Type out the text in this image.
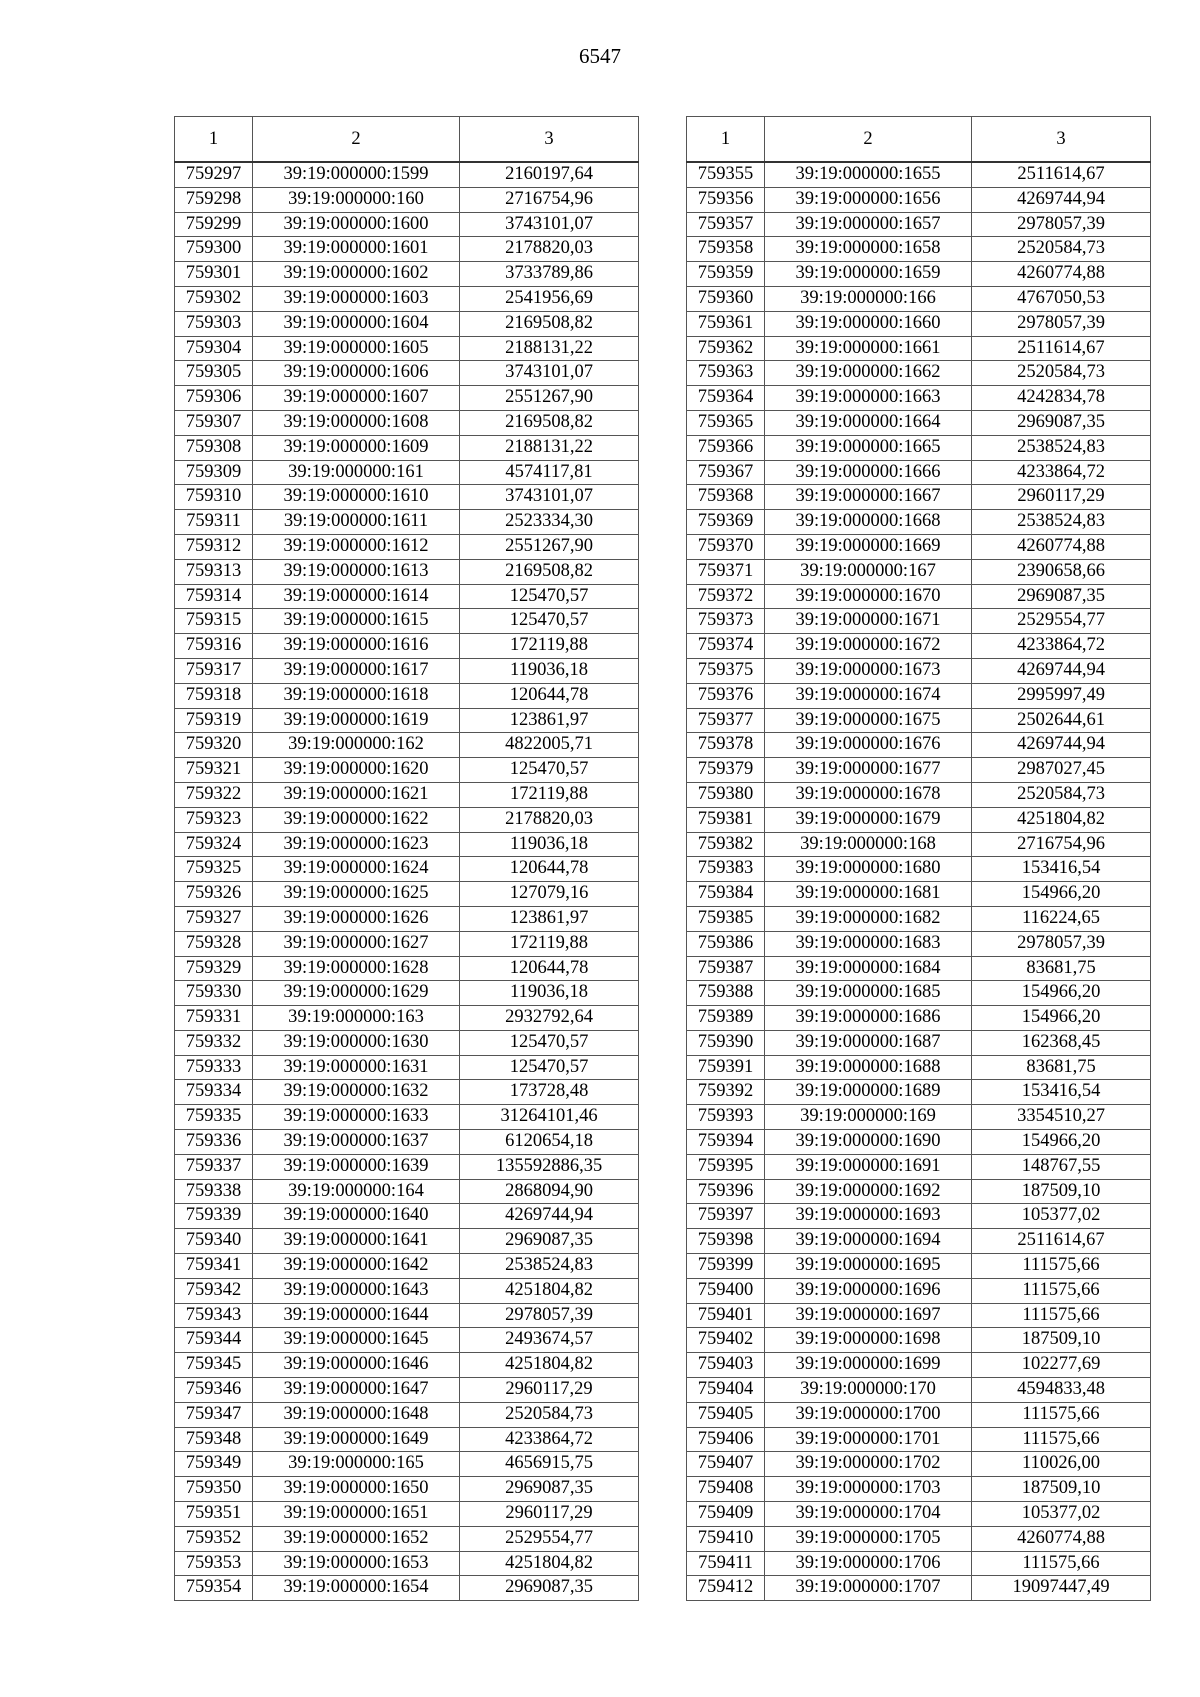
6547
1	2	3
759297	39:19:000000:1599	2160197,64
759298	39:19:000000:160	2716754,96
759299	39:19:000000:1600	3743101,07
759300	39:19:000000:1601	2178820,03
759301	39:19:000000:1602	3733789,86
759302	39:19:000000:1603	2541956,69
759303	39:19:000000:1604	2169508,82
759304	39:19:000000:1605	2188131,22
759305	39:19:000000:1606	3743101,07
759306	39:19:000000:1607	2551267,90
759307	39:19:000000:1608	2169508,82
759308	39:19:000000:1609	2188131,22
759309	39:19:000000:161	4574117,81
759310	39:19:000000:1610	3743101,07
759311	39:19:000000:1611	2523334,30
759312	39:19:000000:1612	2551267,90
759313	39:19:000000:1613	2169508,82
759314	39:19:000000:1614	125470,57
759315	39:19:000000:1615	125470,57
759316	39:19:000000:1616	172119,88
759317	39:19:000000:1617	119036,18
759318	39:19:000000:1618	120644,78
759319	39:19:000000:1619	123861,97
759320	39:19:000000:162	4822005,71
759321	39:19:000000:1620	125470,57
759322	39:19:000000:1621	172119,88
759323	39:19:000000:1622	2178820,03
759324	39:19:000000:1623	119036,18
759325	39:19:000000:1624	120644,78
759326	39:19:000000:1625	127079,16
759327	39:19:000000:1626	123861,97
759328	39:19:000000:1627	172119,88
759329	39:19:000000:1628	120644,78
759330	39:19:000000:1629	119036,18
759331	39:19:000000:163	2932792,64
759332	39:19:000000:1630	125470,57
759333	39:19:000000:1631	125470,57
759334	39:19:000000:1632	173728,48
759335	39:19:000000:1633	31264101,46
759336	39:19:000000:1637	6120654,18
759337	39:19:000000:1639	135592886,35
759338	39:19:000000:164	2868094,90
759339	39:19:000000:1640	4269744,94
759340	39:19:000000:1641	2969087,35
759341	39:19:000000:1642	2538524,83
759342	39:19:000000:1643	4251804,82
759343	39:19:000000:1644	2978057,39
759344	39:19:000000:1645	2493674,57
759345	39:19:000000:1646	4251804,82
759346	39:19:000000:1647	2960117,29
759347	39:19:000000:1648	2520584,73
759348	39:19:000000:1649	4233864,72
759349	39:19:000000:165	4656915,75
759350	39:19:000000:1650	2969087,35
759351	39:19:000000:1651	2960117,29
759352	39:19:000000:1652	2529554,77
759353	39:19:000000:1653	4251804,82
759354	39:19:000000:1654	2969087,35
1	2	3
759355	39:19:000000:1655	2511614,67
759356	39:19:000000:1656	4269744,94
759357	39:19:000000:1657	2978057,39
759358	39:19:000000:1658	2520584,73
759359	39:19:000000:1659	4260774,88
759360	39:19:000000:166	4767050,53
759361	39:19:000000:1660	2978057,39
759362	39:19:000000:1661	2511614,67
759363	39:19:000000:1662	2520584,73
759364	39:19:000000:1663	4242834,78
759365	39:19:000000:1664	2969087,35
759366	39:19:000000:1665	2538524,83
759367	39:19:000000:1666	4233864,72
759368	39:19:000000:1667	2960117,29
759369	39:19:000000:1668	2538524,83
759370	39:19:000000:1669	4260774,88
759371	39:19:000000:167	2390658,66
759372	39:19:000000:1670	2969087,35
759373	39:19:000000:1671	2529554,77
759374	39:19:000000:1672	4233864,72
759375	39:19:000000:1673	4269744,94
759376	39:19:000000:1674	2995997,49
759377	39:19:000000:1675	2502644,61
759378	39:19:000000:1676	4269744,94
759379	39:19:000000:1677	2987027,45
759380	39:19:000000:1678	2520584,73
759381	39:19:000000:1679	4251804,82
759382	39:19:000000:168	2716754,96
759383	39:19:000000:1680	153416,54
759384	39:19:000000:1681	154966,20
759385	39:19:000000:1682	116224,65
759386	39:19:000000:1683	2978057,39
759387	39:19:000000:1684	83681,75
759388	39:19:000000:1685	154966,20
759389	39:19:000000:1686	154966,20
759390	39:19:000000:1687	162368,45
759391	39:19:000000:1688	83681,75
759392	39:19:000000:1689	153416,54
759393	39:19:000000:169	3354510,27
759394	39:19:000000:1690	154966,20
759395	39:19:000000:1691	148767,55
759396	39:19:000000:1692	187509,10
759397	39:19:000000:1693	105377,02
759398	39:19:000000:1694	2511614,67
759399	39:19:000000:1695	111575,66
759400	39:19:000000:1696	111575,66
759401	39:19:000000:1697	111575,66
759402	39:19:000000:1698	187509,10
759403	39:19:000000:1699	102277,69
759404	39:19:000000:170	4594833,48
759405	39:19:000000:1700	111575,66
759406	39:19:000000:1701	111575,66
759407	39:19:000000:1702	110026,00
759408	39:19:000000:1703	187509,10
759409	39:19:000000:1704	105377,02
759410	39:19:000000:1705	4260774,88
759411	39:19:000000:1706	111575,66
759412	39:19:000000:1707	19097447,49
